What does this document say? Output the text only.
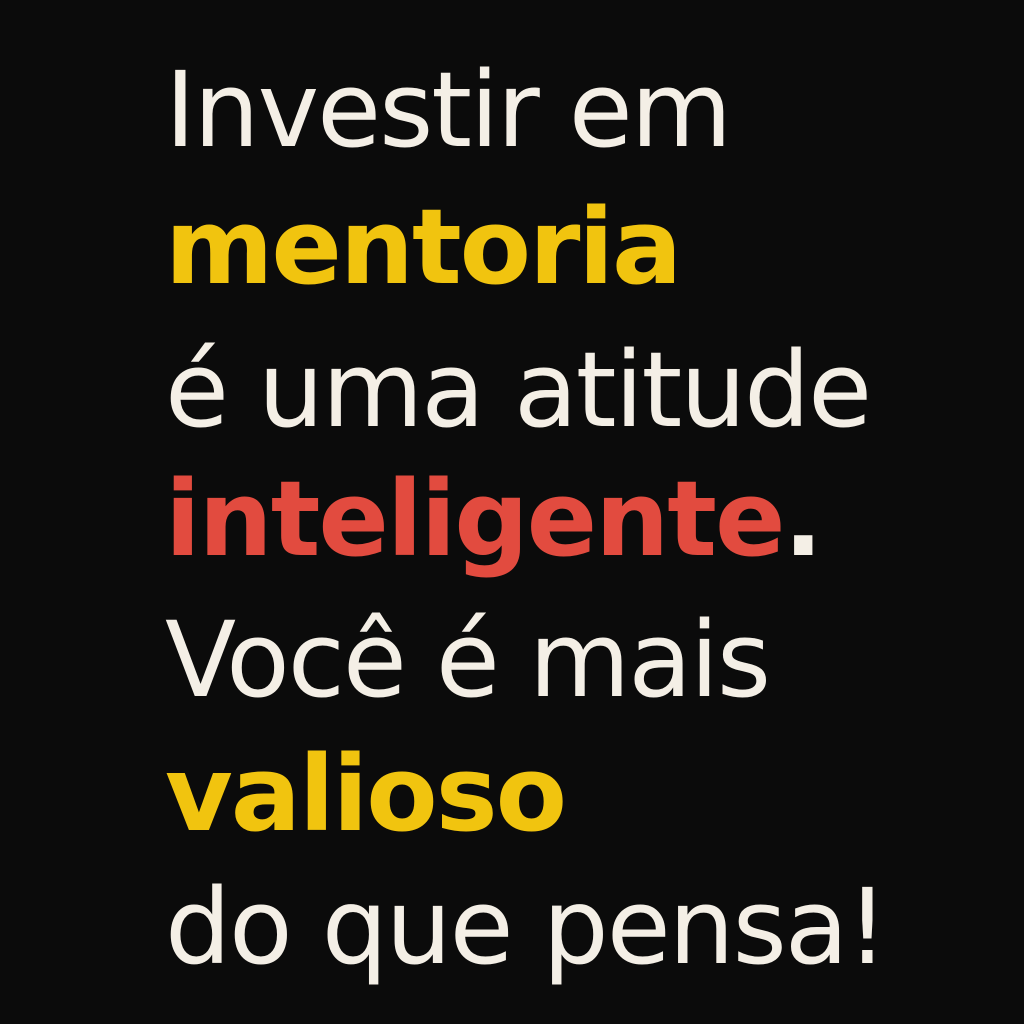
Investir em

mentoria

é uma atitude

inteligente.

Você é mais

valioso

do que pensa!
